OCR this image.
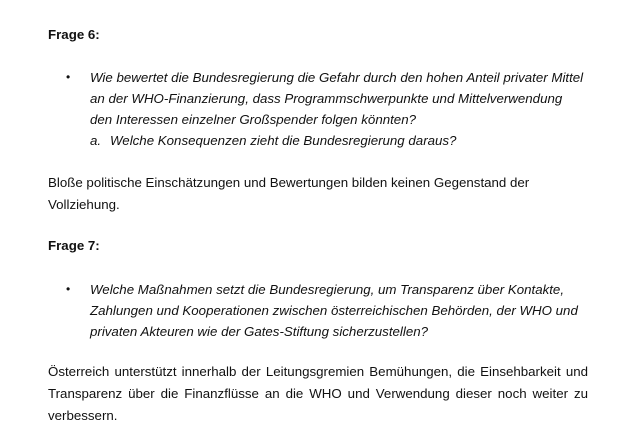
Frage 6:

• Wie bewertet die Bundesregierung die Gefahr durch den hohen Anteil privater Mittel an der WHO-Finanzierung, dass Programmschwerpunkte und Mittelverwendung den Interessen einzelner Großspender folgen könnten?
a. Welche Konsequenzen zieht die Bundesregierung daraus?

Bloße politische Einschätzungen und Bewertungen bilden keinen Gegenstand der Vollziehung.

Frage 7:

• Welche Maßnahmen setzt die Bundesregierung, um Transparenz über Kontakte, Zahlungen und Kooperationen zwischen österreichischen Behörden, der WHO und privaten Akteuren wie der Gates-Stiftung sicherzustellen?

Österreich unterstützt innerhalb der Leitungsgremien Bemühungen, die Einsehbarkeit und Transparenz über die Finanzflüsse an die WHO und Verwendung dieser noch weiter zu verbessern.
